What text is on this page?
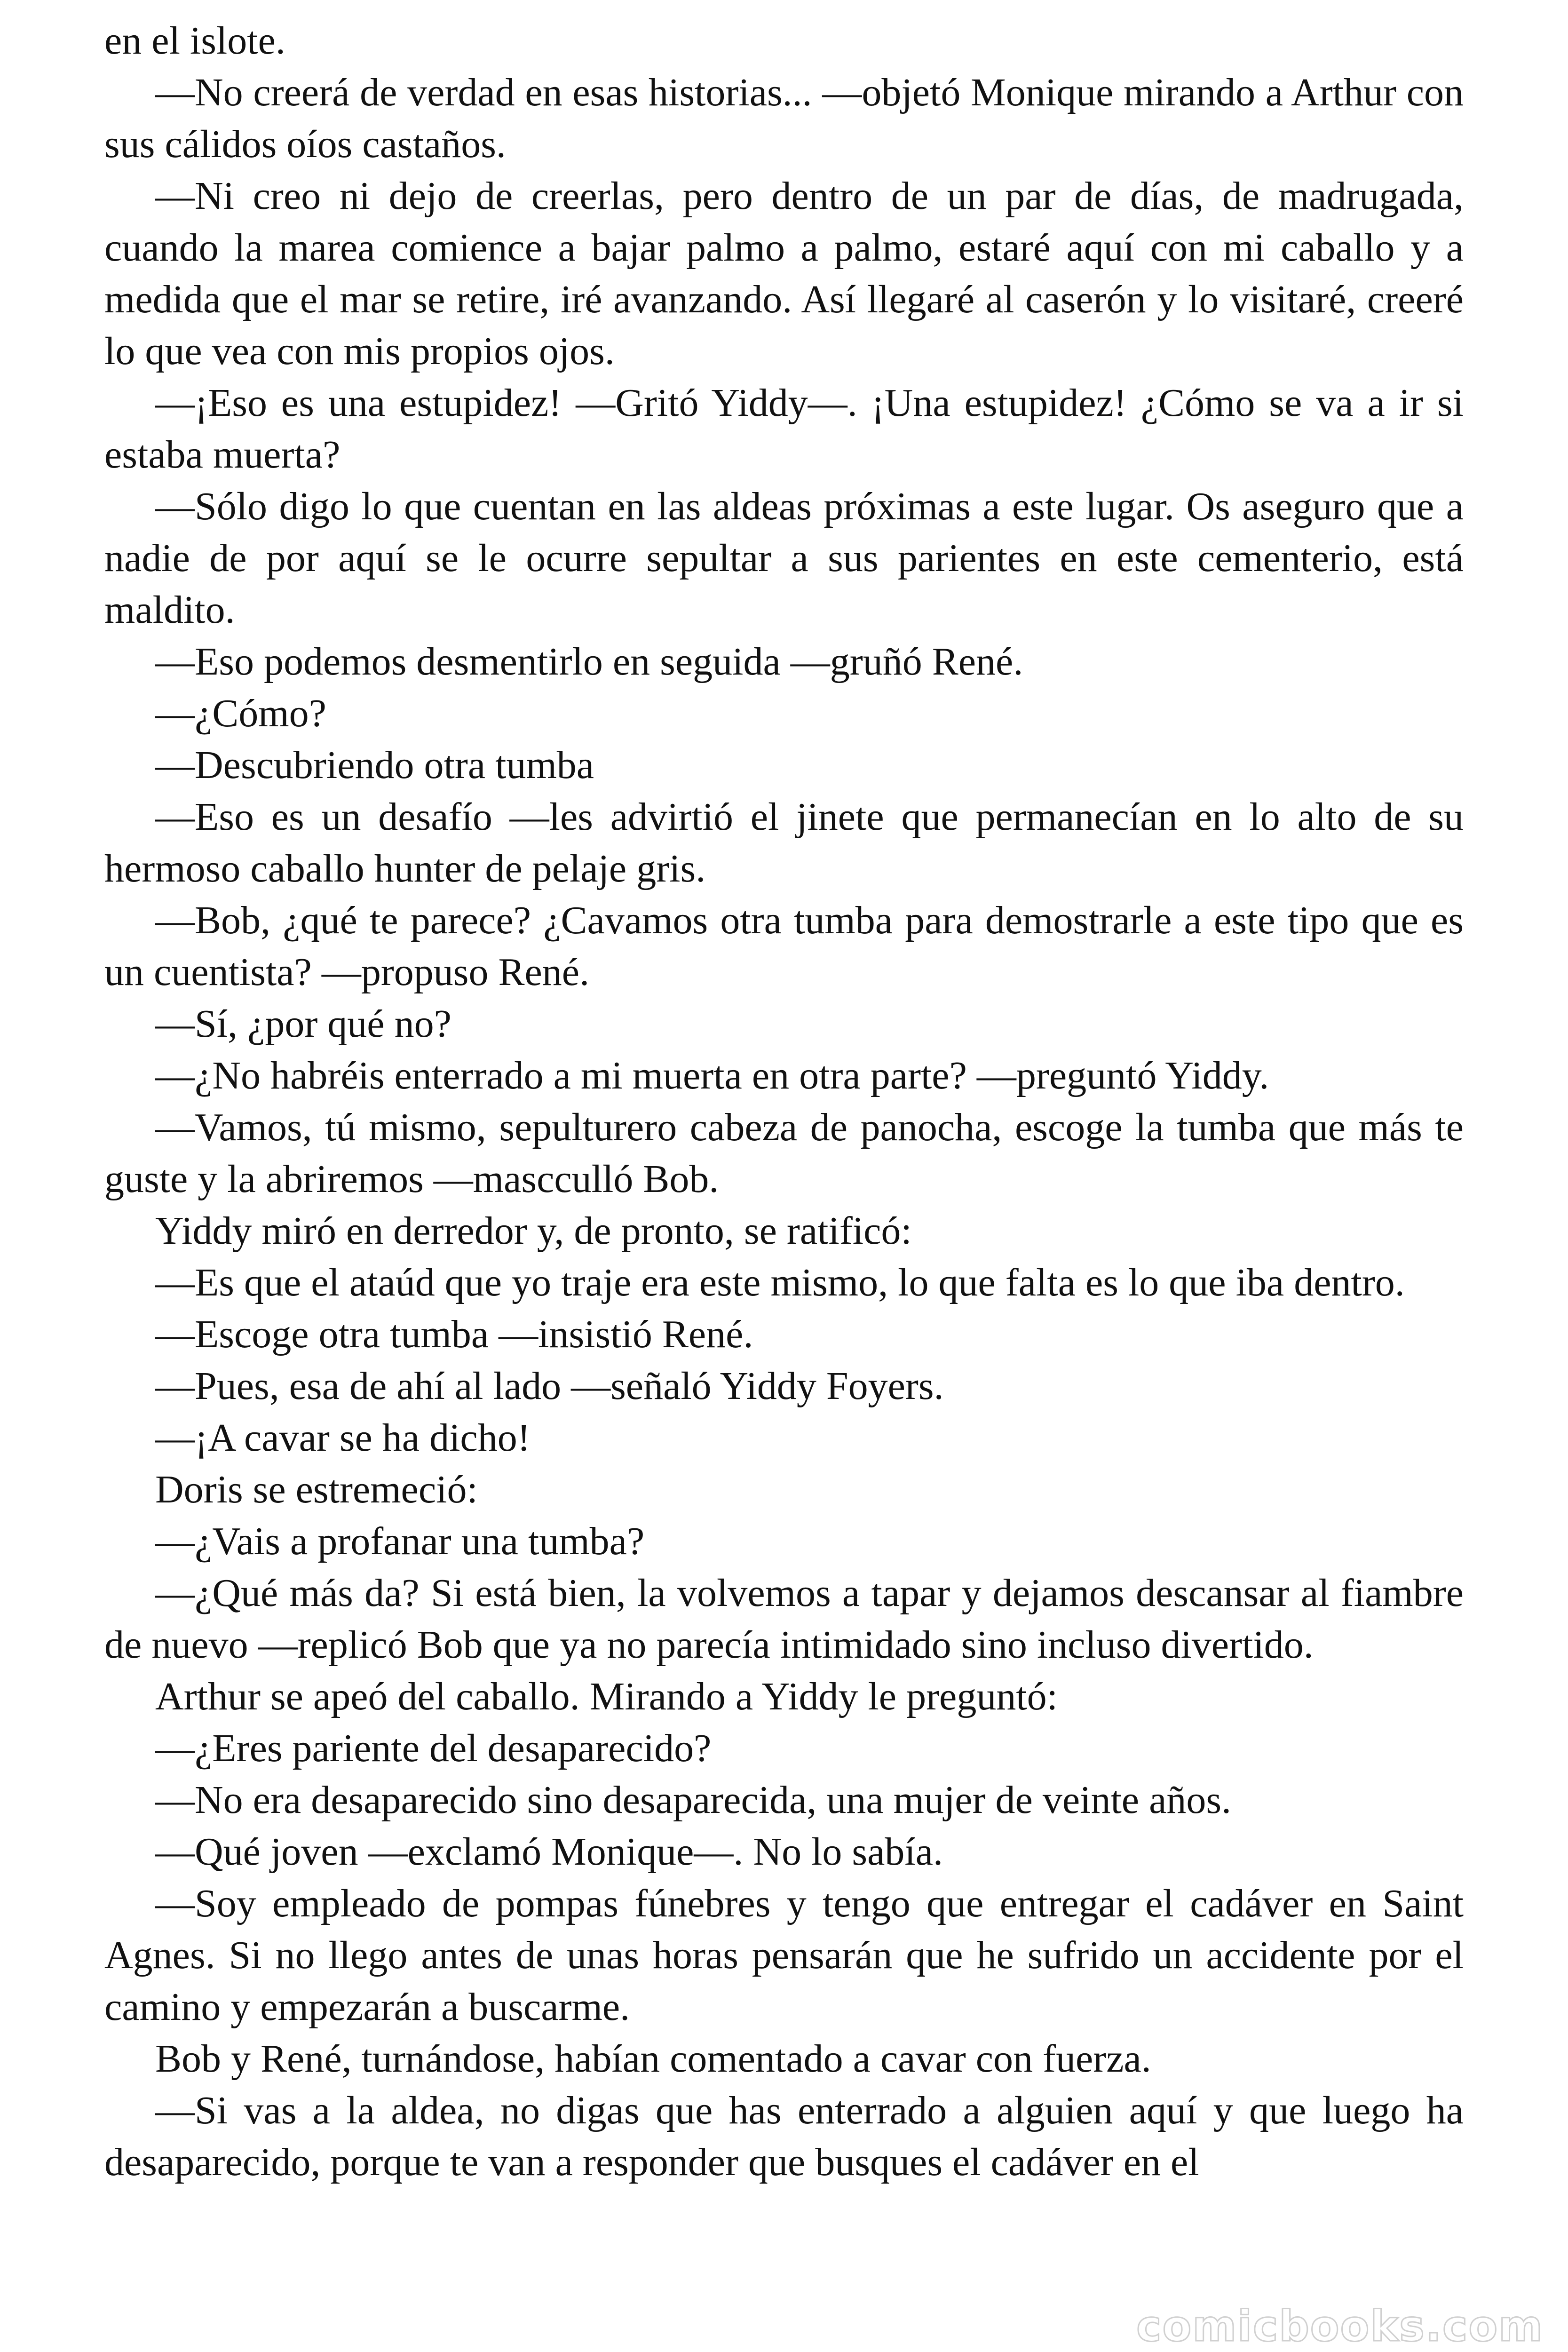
en el islote.

—No creerá de verdad en esas historias... —objetó Monique mirando a Arthur con sus cálidos oíos castaños.

—Ni creo ni dejo de creerlas, pero dentro de un par de días, de madrugada, cuando la marea comience a bajar palmo a palmo, estaré aquí con mi caballo y a medida que el mar se retire, iré avanzando. Así llegaré al caserón y lo visitaré, creeré lo que vea con mis propios ojos.

—¡Eso es una estupidez! —Gritó Yiddy—. ¡Una estupidez! ¿Cómo se va a ir si estaba muerta?

—Sólo digo lo que cuentan en las aldeas próximas a este lugar. Os aseguro que a nadie de por aquí se le ocurre sepultar a sus parientes en este cementerio, está maldito.

—Eso podemos desmentirlo en seguida —gruñó René.

—¿Cómo?

—Descubriendo otra tumba

—Eso es un desafío —les advirtió el jinete que permanecían en lo alto de su hermoso caballo hunter de pelaje gris.

—Bob, ¿qué te parece? ¿Cavamos otra tumba para demostrarle a este tipo que es un cuentista? —propuso René.

—Sí, ¿por qué no?

—¿No habréis enterrado a mi muerta en otra parte? —preguntó Yiddy.

—Vamos, tú mismo, sepulturero cabeza de panocha, escoge la tumba que más te guste y la abriremos —mascculló Bob.

Yiddy miró en derredor y, de pronto, se ratificó:

—Es que el ataúd que yo traje era este mismo, lo que falta es lo que iba dentro.

—Escoge otra tumba —insistió René.

—Pues, esa de ahí al lado —señaló Yiddy Foyers.

—¡A cavar se ha dicho!

Doris se estremeció:

—¿Vais a profanar una tumba?

—¿Qué más da? Si está bien, la volvemos a tapar y dejamos descansar al fiambre de nuevo —replicó Bob que ya no parecía intimidado sino incluso divertido.

Arthur se apeó del caballo. Mirando a Yiddy le preguntó:

—¿Eres pariente del desaparecido?

—No era desaparecido sino desaparecida, una mujer de veinte años.

—Qué joven —exclamó Monique—. No lo sabía.

—Soy empleado de pompas fúnebres y tengo que entregar el cadáver en Saint Agnes. Si no llego antes de unas horas pensarán que he sufrido un accidente por el camino y empezarán a buscarme.

Bob y René, turnándose, habían comentado a cavar con fuerza.

—Si vas a la aldea, no digas que has enterrado a alguien aquí y que luego ha desaparecido, porque te van a responder que busques el cadáver en el

comicbooks.com
